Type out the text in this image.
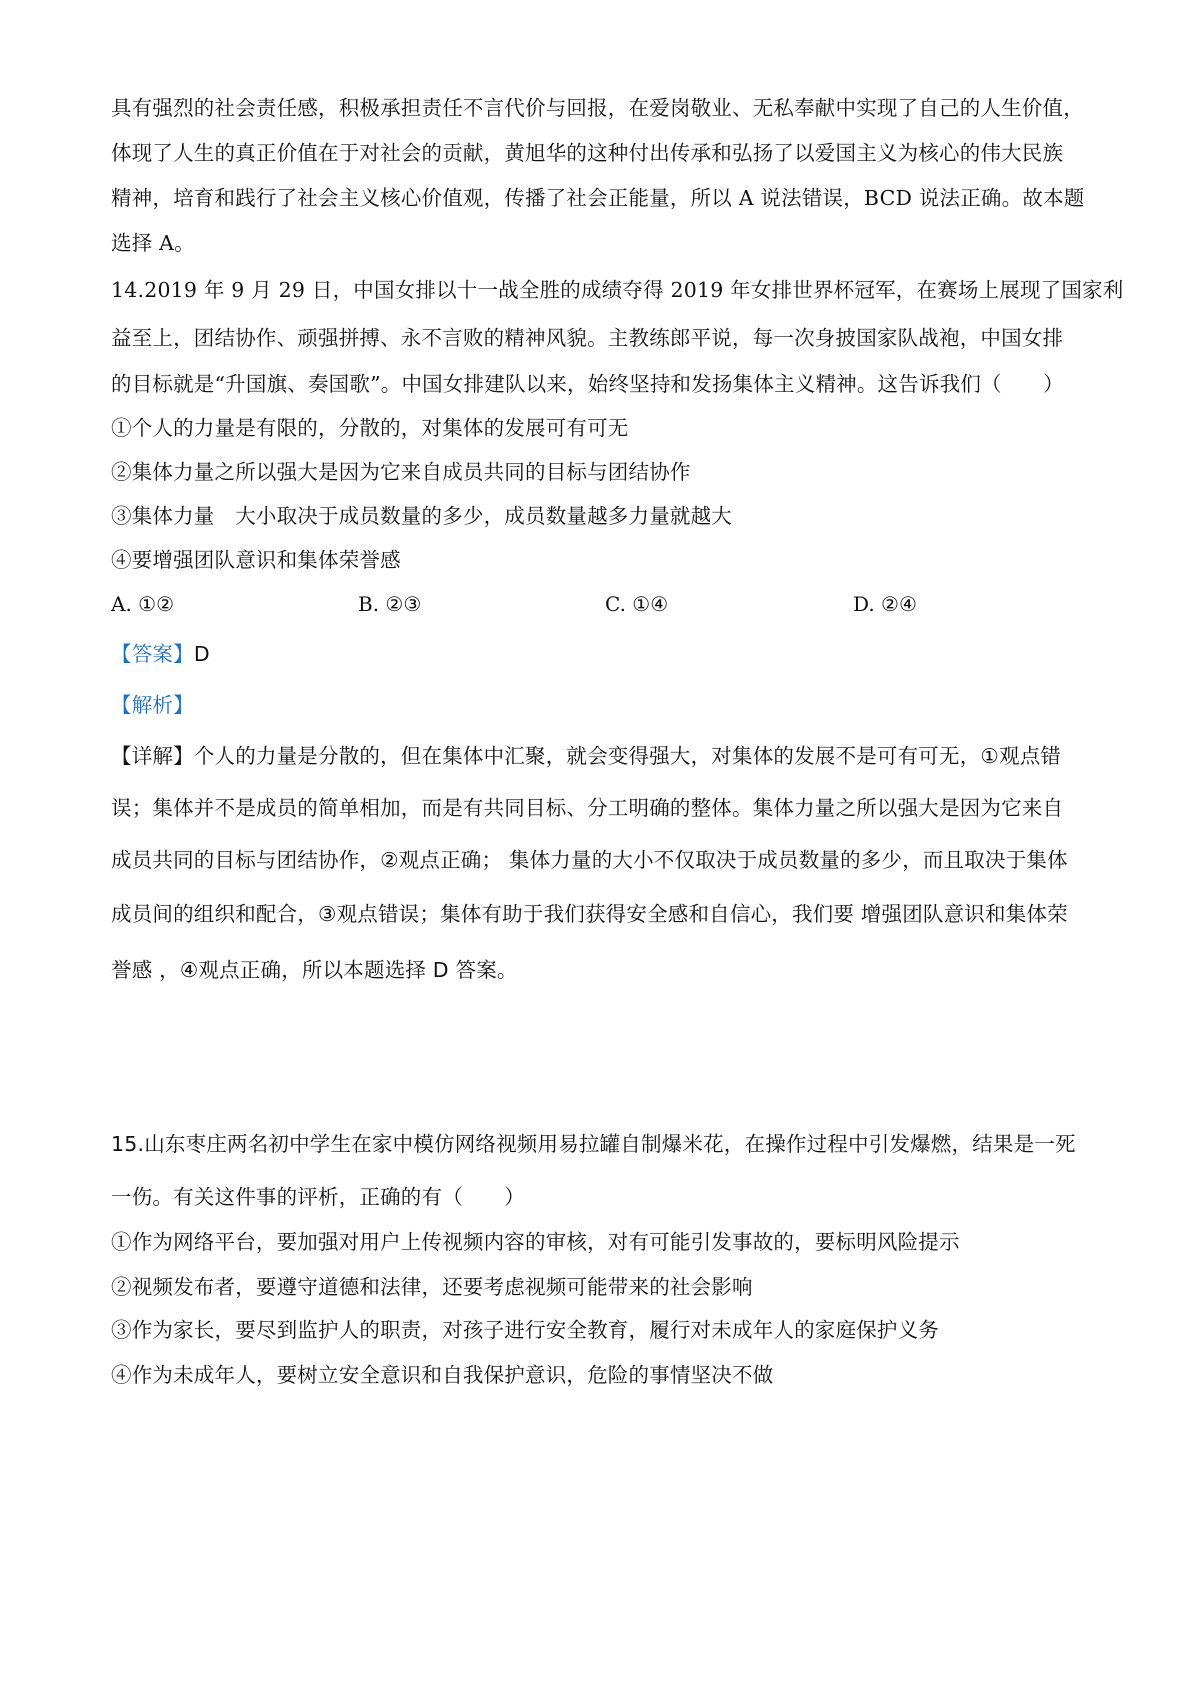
具有强烈的社会责任感，积极承担责任不言代价与回报，在爱岗敬业、无私奉献中实现了自己的人生价值，
体现了人生的真正价值在于对社会的贡献，黄旭华的这种付出传承和弘扬了以爱国主义为核心的伟大民族
精神，培育和践行了社会主义核心价值观，传播了社会正能量，所以 A 说法错误，BCD 说法正确。故本题
选择 A。
14.2019 年 9 月 29 日，中国女排以十一战全胜的成绩夺得 2019 年女排世界杯冠军，在赛场上展现了国家利
益至上，团结协作、顽强拼搏、永不言败的精神风貌。主教练郎平说，每一次身披国家队战袍，中国女排
的目标就是“升国旗、奏国歌”。中国女排建队以来，始终坚持和发扬集体主义精神。这告诉我们（　　）
①个人的力量是有限的，分散的，对集体的发展可有可无
②集体力量之所以强大是因为它来自成员共同的目标与团结协作
③集体力量　大小取决于成员数量的多少，成员数量越多力量就越大
④要增强团队意识和集体荣誉感
A. ①②	B. ②③	C. ①④	D. ②④
【答案】D
【解析】
【详解】个人的力量是分散的，但在集体中汇聚，就会变得强大，对集体的发展不是可有可无，①观点错
误；集体并不是成员的简单相加，而是有共同目标、分工明确的整体。集体力量之所以强大是因为它来自
成员共同的目标与团结协作，②观点正确； 集体力量的大小不仅取决于成员数量的多少，而且取决于集体
成员间的组织和配合，③观点错误；集体有助于我们获得安全感和自信心，我们要 增强团队意识和集体荣
誉感 ，④观点正确，所以本题选择 D 答案。
15.山东枣庄两名初中学生在家中模仿网络视频用易拉罐自制爆米花，在操作过程中引发爆燃，结果是一死
一伤。有关这件事的评析，正确的有（　　）
①作为网络平台，要加强对用户上传视频内容的审核，对有可能引发事故的，要标明风险提示
②视频发布者，要遵守道德和法律，还要考虑视频可能带来的社会影响
③作为家长，要尽到监护人的职责，对孩子进行安全教育，履行对未成年人的家庭保护义务
④作为未成年人，要树立安全意识和自我保护意识，危险的事情坚决不做
